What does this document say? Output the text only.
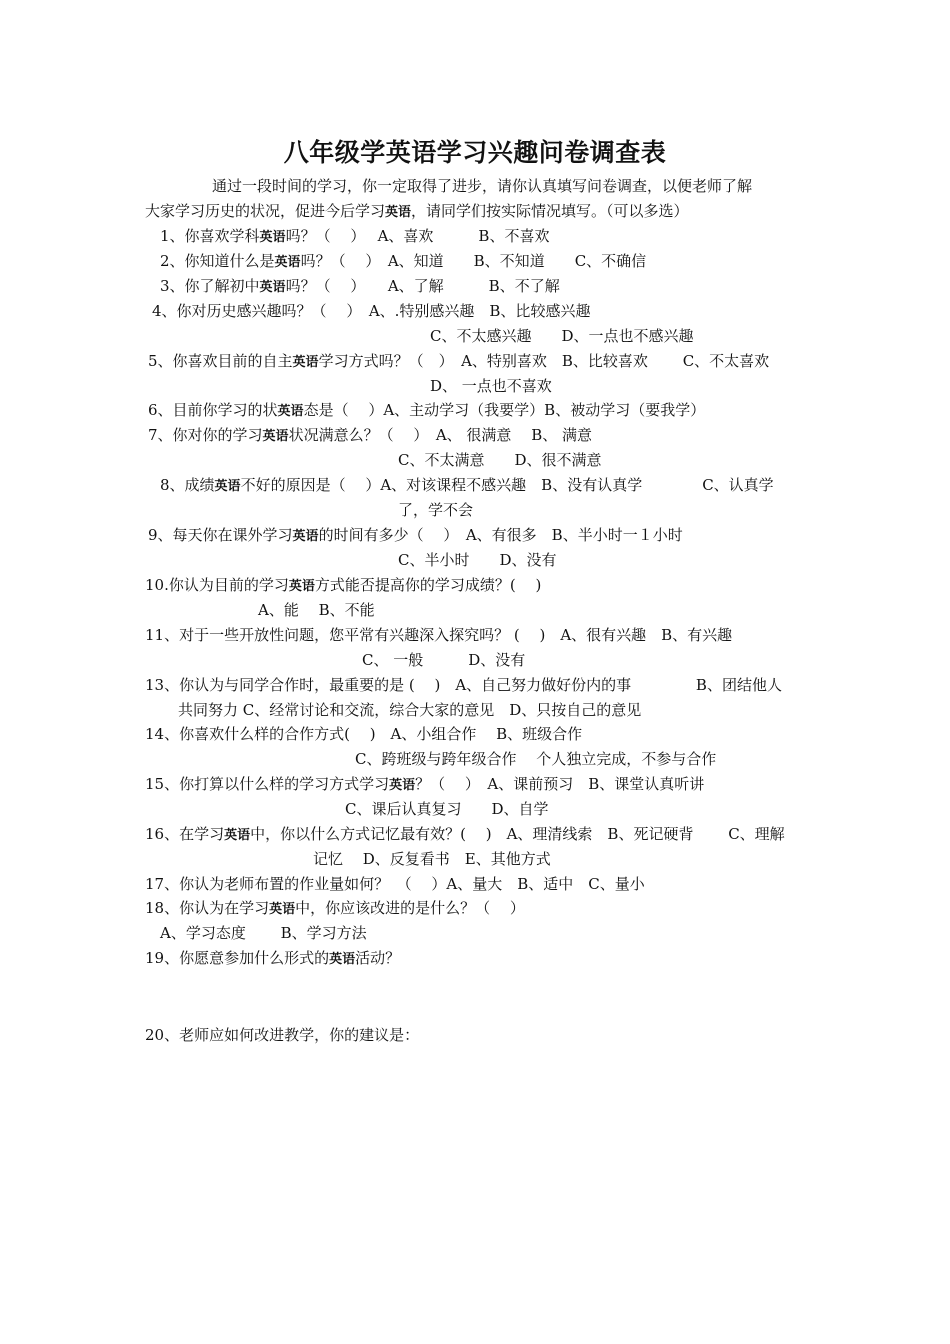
八年级学英语学习兴趣问卷调查表
通过一段时间的学习，你一定取得了进步，请你认真填写问卷调查，以便老师了解
大家学习历史的状况，促进今后学习英语，请同学们按实际情况填写。（可以多选）
1、你喜欢学科英语吗？（　 ）　 A、喜欢　　　B、不喜欢
2、你知道什么是英语吗？（　 ）　A、知道　　B、不知道　　C、不确信
3、你了解初中英语吗？（　 ）　　A、了解　　　B、不了解
4、你对历史感兴趣吗？（　 ）　A、.特别感兴趣　B、比较感兴趣
C、不太感兴趣　　D、一点也不感兴趣
5、你喜欢目前的自主英语学习方式吗？（　）　A、特别喜欢　B、比较喜欢　　 C、不太喜欢
D、 一点也不喜欢
6、目前你学习的状英语态是（　 ）A、主动学习（我要学）B、被动学习（要我学）
7、你对你的学习英语状况满意么？（　 ）　A、 很满意　 B、 满意
C、不太满意　　D、很不满意
8、成绩英语不好的原因是（　 ）A、对该课程不感兴趣　B、没有认真学　　　　C、认真学
了，学不会
9、每天你在课外学习英语的时间有多少（　 ）　A、有很多　B、半小时一１小时
C、半小时　　D、没有
10.你认为目前的学习英语方式能否提高你的学习成绩？(　 )
A、能　 B、不能
11、对于一些开放性问题，您平常有兴趣深入探究吗？ (　 )　A、很有兴趣　B、有兴趣
C、 一般　　　D、没有
13、你认为与同学合作时，最重要的是 (　 )　A、自己努力做好份内的事　　　　 B、团结他人
共同努力 C、经常讨论和交流，综合大家的意见　D、只按自己的意见
14、你喜欢什么样的合作方式(　 )　A、小组合作　 B、班级合作
C、跨班级与跨年级合作　 个人独立完成，不参与合作
15、你打算以什么样的学习方式学习英语？（　 ）　A、课前预习　B、课堂认真听讲
C、课后认真复习　　D、自学
16、在学习英语中，你以什么方式记忆最有效？(　 )　A、理清线索　B、死记硬背　　 C、理解
记忆　 D、反复看书　E、其他方式
17、你认为老师布置的作业量如何？　（　 ）A、量大　B、适中　C、量小
18、你认为在学习英语中，你应该改进的是什么？（　 ）
A、学习态度　　 B、学习方法
19、你愿意参加什么形式的英语活动？
20、老师应如何改进教学，你的建议是：
